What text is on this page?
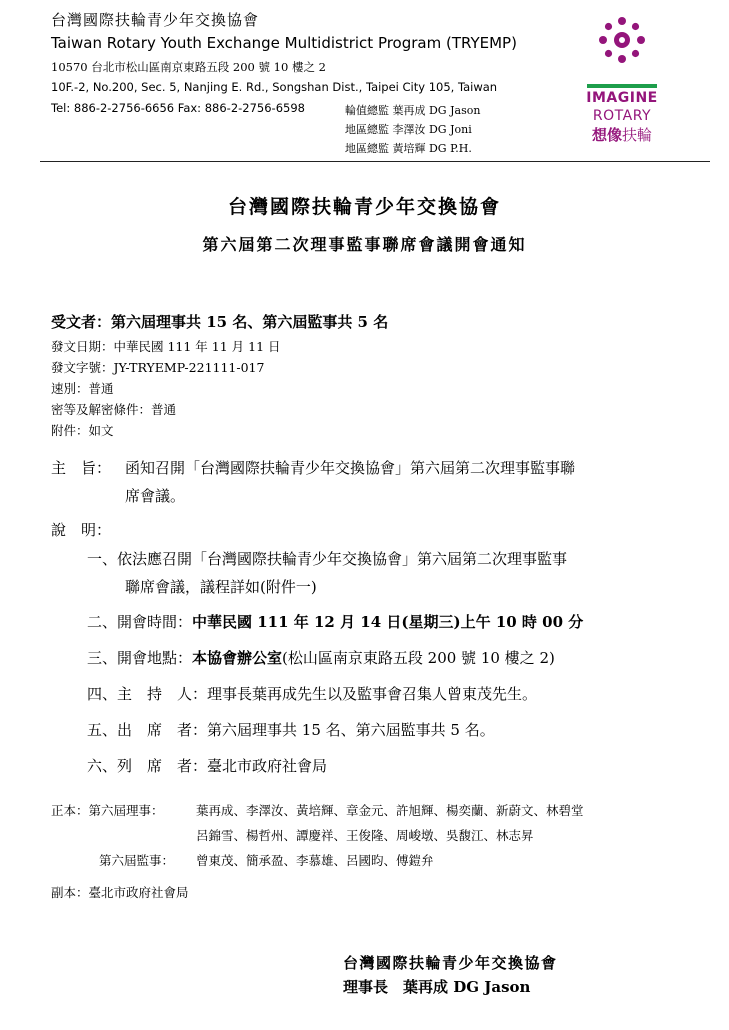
台灣國際扶輪青少年交換協會
Taiwan Rotary Youth Exchange Multidistrict Program (TRYEMP)
10570 台北市松山區南京東路五段 200 號 10 樓之 2
10F.-2, No.200, Sec. 5, Nanjing E. Rd., Songshan Dist., Taipei City 105, Taiwan
Tel: 886-2-2756-6656 Fax: 886-2-2756-6598	輪值總監 葉再成 DG Jason
地區總監 李澤汝 DG Joni
地區總監 黃培輝 DG P.H.
IMAGINE
ROTARY
想像扶輪
台灣國際扶輪青少年交換協會
第六屆第二次理事監事聯席會議開會通知
受文者：第六屆理事共 15 名、第六屆監事共 5 名
發文日期：中華民國 111 年 11 月 11 日
發文字號：JY-TRYEMP-221111-017
速別：普通
密等及解密條件：普通
附件：如文
主　旨： 函知召開「台灣國際扶輪青少年交換協會」第六屆第二次理事監事聯
席會議。
說　明：
一、依法應召開「台灣國際扶輪青少年交換協會」第六屆第二次理事監事
聯席會議，議程詳如(附件一)
二、開會時間：中華民國 111 年 12 月 14 日(星期三)上午 10 時 00 分
三、開會地點：本協會辦公室(松山區南京東路五段 200 號 10 樓之 2)
四、主　持　人：理事長葉再成先生以及監事會召集人曾東茂先生。
五、出　席　者：第六屆理事共 15 名、第六屆監事共 5 名。
六、列　席　者：臺北市政府社會局
正本：第六屆理事：	葉再成、李澤汝、黃培輝、章金元、許旭輝、楊奕蘭、新蔚文、林碧堂
呂錦雪、楊哲州、譚慶祥、王俊隆、周峻墩、吳馥江、林志昇
第六屆監事： 曾東茂、簡承盈、李慕雄、呂國昀、傅鎧弁
副本：臺北市政府社會局
台灣國際扶輪青少年交換協會
理事長　葉再成 DG Jason
